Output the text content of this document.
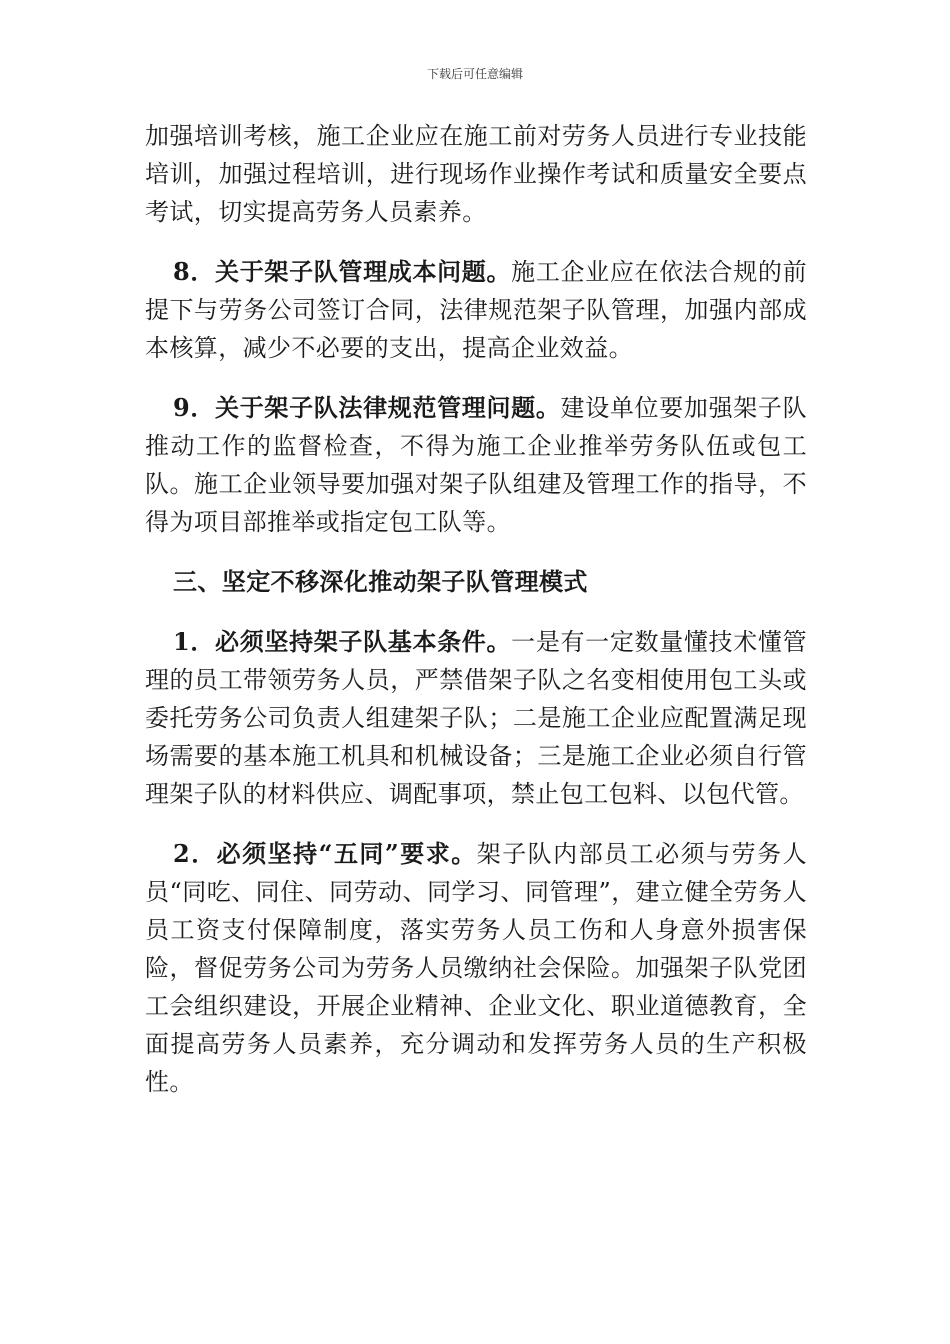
下载后可任意编辑

加强培训考核，施工企业应在施工前对劳务人员进行专业技能培训，加强过程培训，进行现场作业操作考试和质量安全要点考试，切实提高劳务人员素养。

8．关于架子队管理成本问题。施工企业应在依法合规的前提下与劳务公司签订合同，法律规范架子队管理，加强内部成本核算，减少不必要的支出，提高企业效益。

9．关于架子队法律规范管理问题。建设单位要加强架子队推动工作的监督检查，不得为施工企业推举劳务队伍或包工队。施工企业领导要加强对架子队组建及管理工作的指导，不得为项目部推举或指定包工队等。

三、坚定不移深化推动架子队管理模式

1．必须坚持架子队基本条件。一是有一定数量懂技术懂管理的员工带领劳务人员，严禁借架子队之名变相使用包工头或委托劳务公司负责人组建架子队；二是施工企业应配置满足现场需要的基本施工机具和机械设备；三是施工企业必须自行管理架子队的材料供应、调配事项，禁止包工包料、以包代管。

2．必须坚持“五同”要求。架子队内部员工必须与劳务人员“同吃、同住、同劳动、同学习、同管理”，建立健全劳务人员工资支付保障制度，落实劳务人员工伤和人身意外损害保险，督促劳务公司为劳务人员缴纳社会保险。加强架子队党团工会组织建设，开展企业精神、企业文化、职业道德教育，全面提高劳务人员素养，充分调动和发挥劳务人员的生产积极性。
